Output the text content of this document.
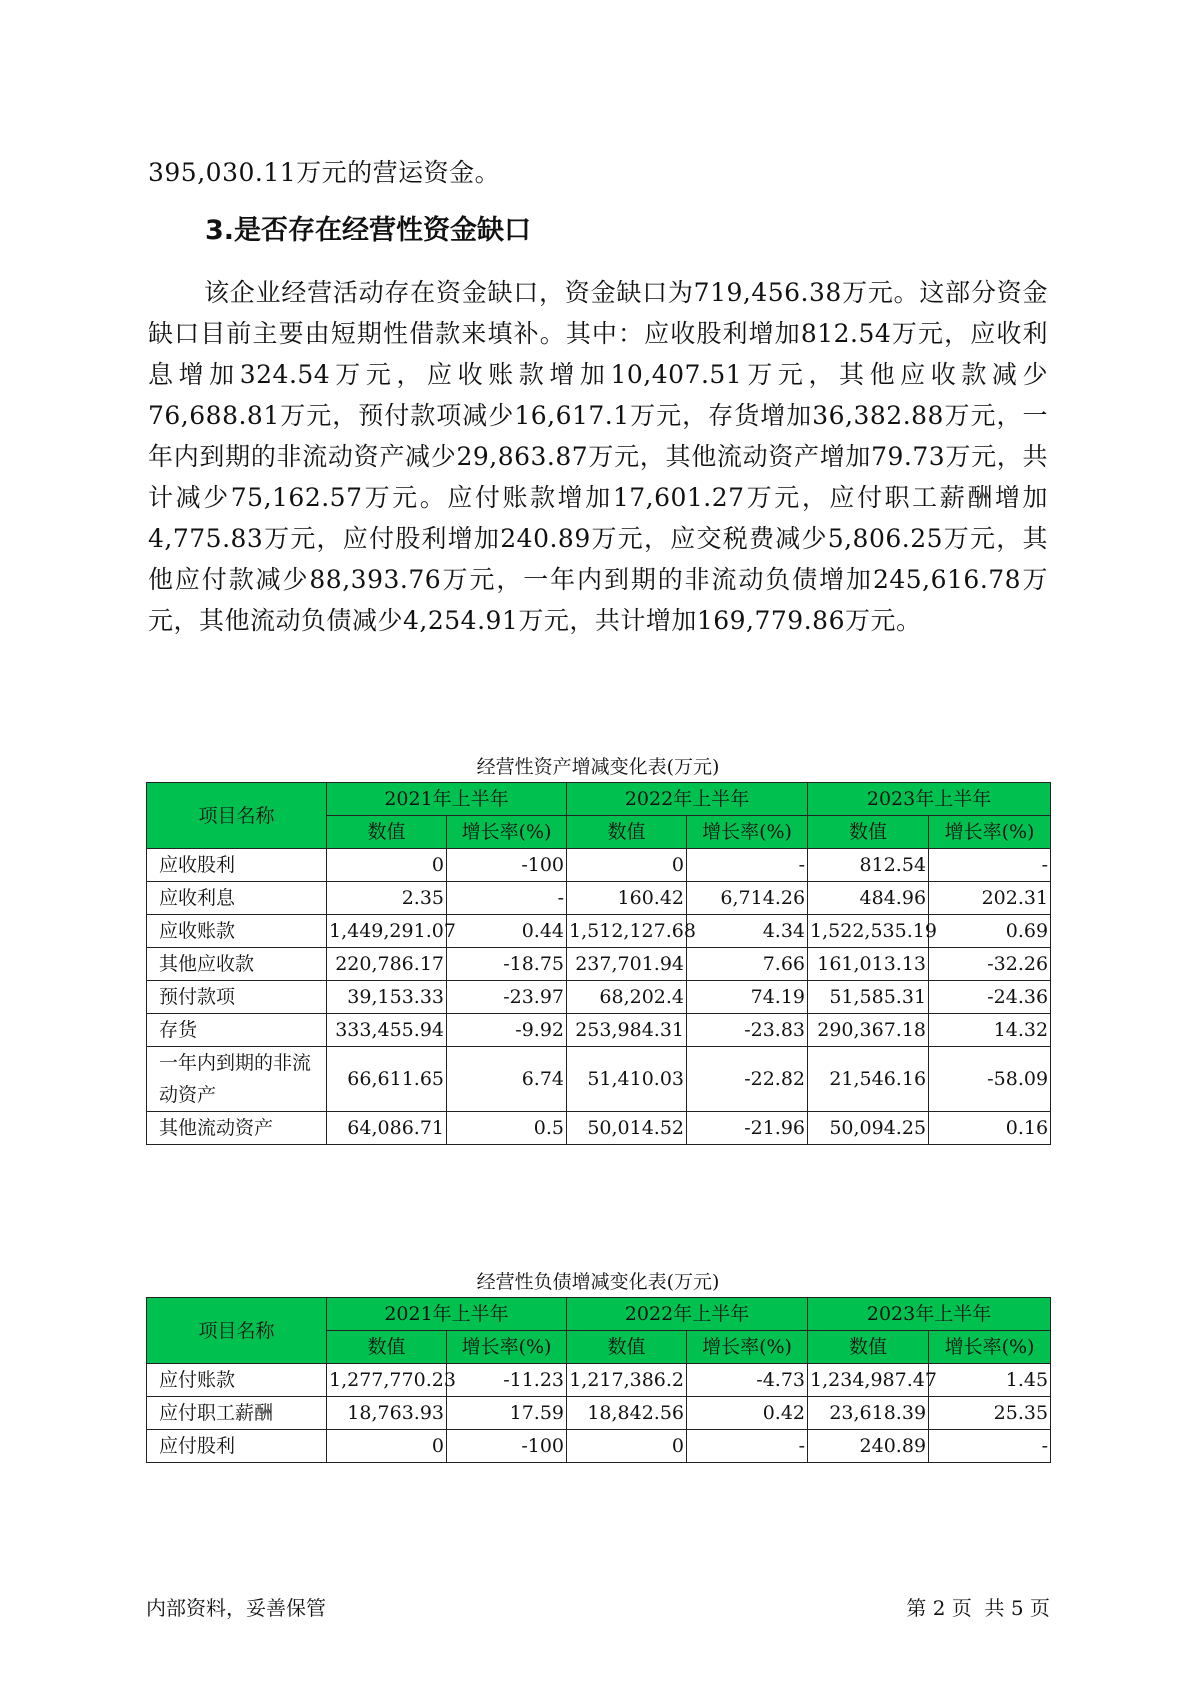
395,030.11万元的营运资金。

3.是否存在经营性资金缺口

该企业经营活动存在资金缺口，资金缺口为719,456.38万元。这部分资金缺口目前主要由短期性借款来填补。其中：应收股利增加812.54万元，应收利息增加324.54万元，应收账款增加10,407.51万元，其他应收款减少76,688.81万元，预付款项减少16,617.1万元，存货增加36,382.88万元，一年内到期的非流动资产减少29,863.87万元，其他流动资产增加79.73万元，共计减少75,162.57万元。应付账款增加17,601.27万元，应付职工薪酬增加4,775.83万元，应付股利增加240.89万元，应交税费减少5,806.25万元，其他应付款减少88,393.76万元，一年内到期的非流动负债增加245,616.78万元，其他流动负债减少4,254.91万元，共计增加169,779.86万元。

经营性资产增减变化表(万元)
项目名称	2021年上半年		2022年上半年		2023年上半年	
	数值	增长率(%)	数值	增长率(%)	数值	增长率(%)
应收股利	0	-100	0	-	812.54	-
应收利息	2.35	-	160.42	6,714.26	484.96	202.31
应收账款	1,449,291.07	0.44	1,512,127.68	4.34	1,522,535.19	0.69
其他应收款	220,786.17	-18.75	237,701.94	7.66	161,013.13	-32.26
预付款项	39,153.33	-23.97	68,202.4	74.19	51,585.31	-24.36
存货	333,455.94	-9.92	253,984.31	-23.83	290,367.18	14.32
一年内到期的非流动资产	66,611.65	6.74	51,410.03	-22.82	21,546.16	-58.09
其他流动资产	64,086.71	0.5	50,014.52	-21.96	50,094.25	0.16
经营性负债增减变化表(万元)
项目名称	2021年上半年		2022年上半年		2023年上半年	
	数值	增长率(%)	数值	增长率(%)	数值	增长率(%)
应付账款	1,277,770.23	-11.23	1,217,386.2	-4.73	1,234,987.47	1.45
应付职工薪酬	18,763.93	17.59	18,842.56	0.42	23,618.39	25.35
应付股利	0	-100	0	-	240.89	-
内部资料，妥善保管	第 2 页 共 5 页
